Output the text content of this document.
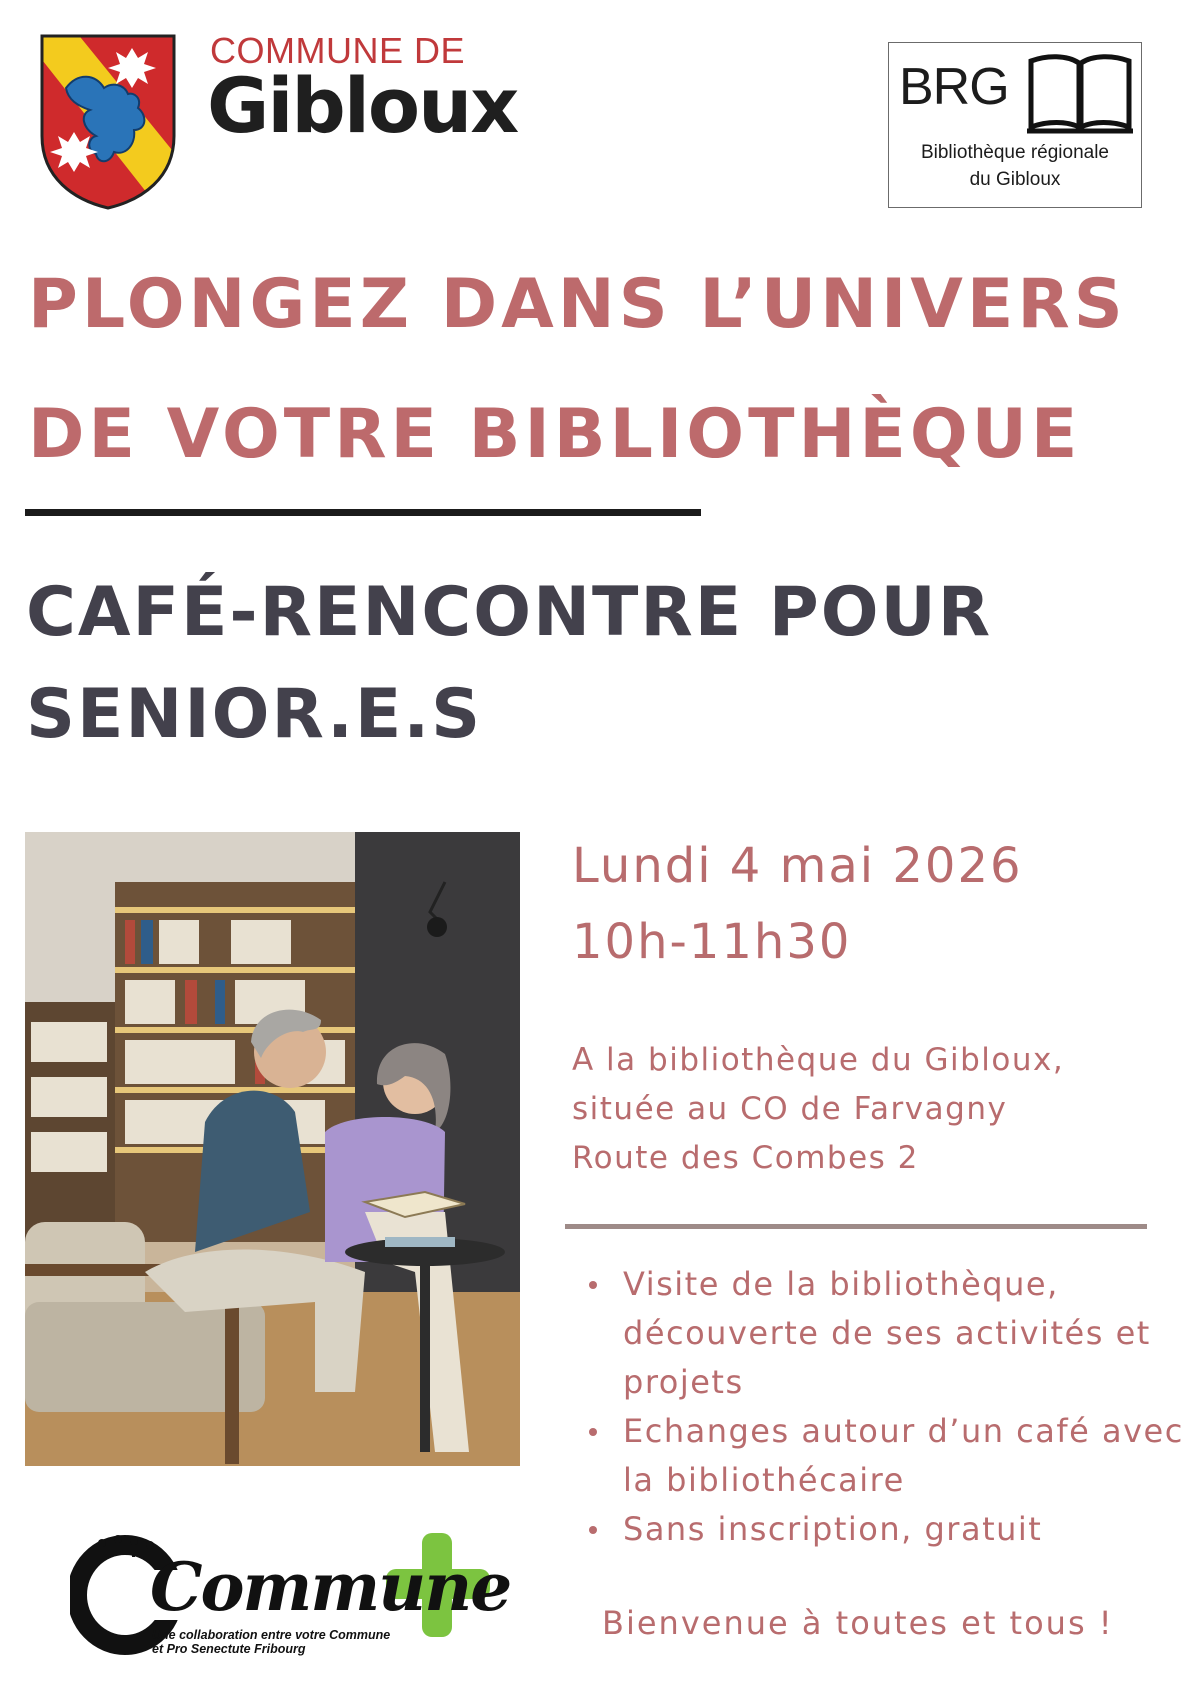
COMMUNE DE
Gibloux	BRG
Bibliothèque régionale
du Gibloux
PLONGEZ DANS L’UNIVERS
DE VOTRE BIBLIOTHÈQUE
CAFÉ-RENCONTRE POUR
SENIOR.E.S
Lundi 4 mai 2026
10h-11h30
A la bibliothèque du Gibloux,
située au CO de Farvagny
Route des Combes 2
Visite de la bibliothèque, découverte de ses activités et projets
Echanges autour d’un café avec la bibliothécaire
Sans inscription, gratuit
Bienvenue à toutes et tous !
Commune
Une collaboration entre votre Commune
et Pro Senectute Fribourg
